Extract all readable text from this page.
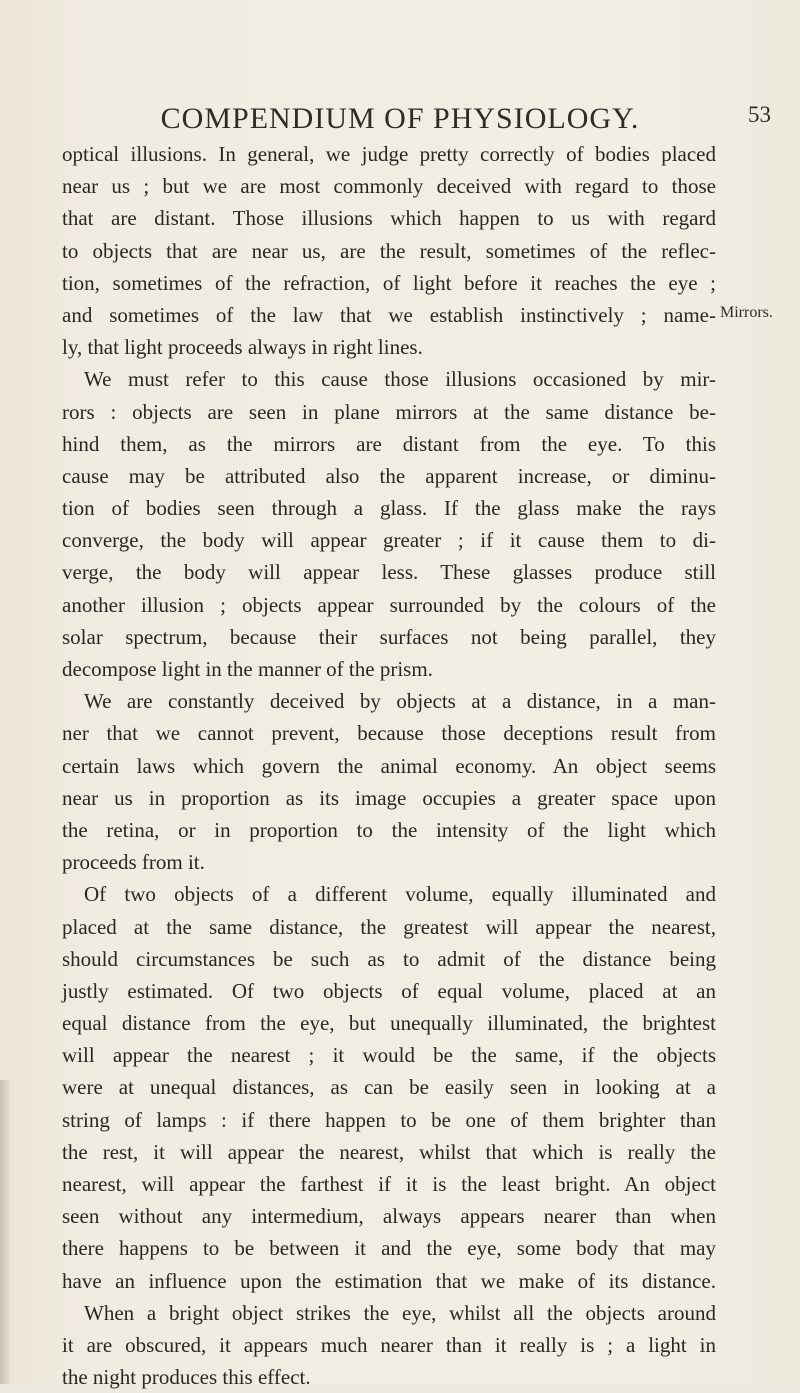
COMPENDIUM OF PHYSIOLOGY.	53
Mirrors.
optical illusions. In general, we judge pretty correctly of bodies placed
near us ; but we are most commonly deceived with regard to those
that are distant. Those illusions which happen to us with regard
to objects that are near us, are the result, sometimes of the reflec-
tion, sometimes of the refraction, of light before it reaches the eye ;
and sometimes of the law that we establish instinctively ; name-
ly, that light proceeds always in right lines.
We must refer to this cause those illusions occasioned by mir-
rors : objects are seen in plane mirrors at the same distance be-
hind them, as the mirrors are distant from the eye. To this
cause may be attributed also the apparent increase, or diminu-
tion of bodies seen through a glass. If the glass make the rays
converge, the body will appear greater ; if it cause them to di-
verge, the body will appear less. These glasses produce still
another illusion ; objects appear surrounded by the colours of the
solar spectrum, because their surfaces not being parallel, they
decompose light in the manner of the prism.
We are constantly deceived by objects at a distance, in a man-
ner that we cannot prevent, because those deceptions result from
certain laws which govern the animal economy. An object seems
near us in proportion as its image occupies a greater space upon
the retina, or in proportion to the intensity of the light which
proceeds from it.
Of two objects of a different volume, equally illuminated and
placed at the same distance, the greatest will appear the nearest,
should circumstances be such as to admit of the distance being
justly estimated. Of two objects of equal volume, placed at an
equal distance from the eye, but unequally illuminated, the brightest
will appear the nearest ; it would be the same, if the objects
were at unequal distances, as can be easily seen in looking at a
string of lamps : if there happen to be one of them brighter than
the rest, it will appear the nearest, whilst that which is really the
nearest, will appear the farthest if it is the least bright. An object
seen without any intermedium, always appears nearer than when
there happens to be between it and the eye, some body that may
have an influence upon the estimation that we make of its distance.
When a bright object strikes the eye, whilst all the objects around
it are obscured, it appears much nearer than it really is ; a light in
the night produces this effect.
